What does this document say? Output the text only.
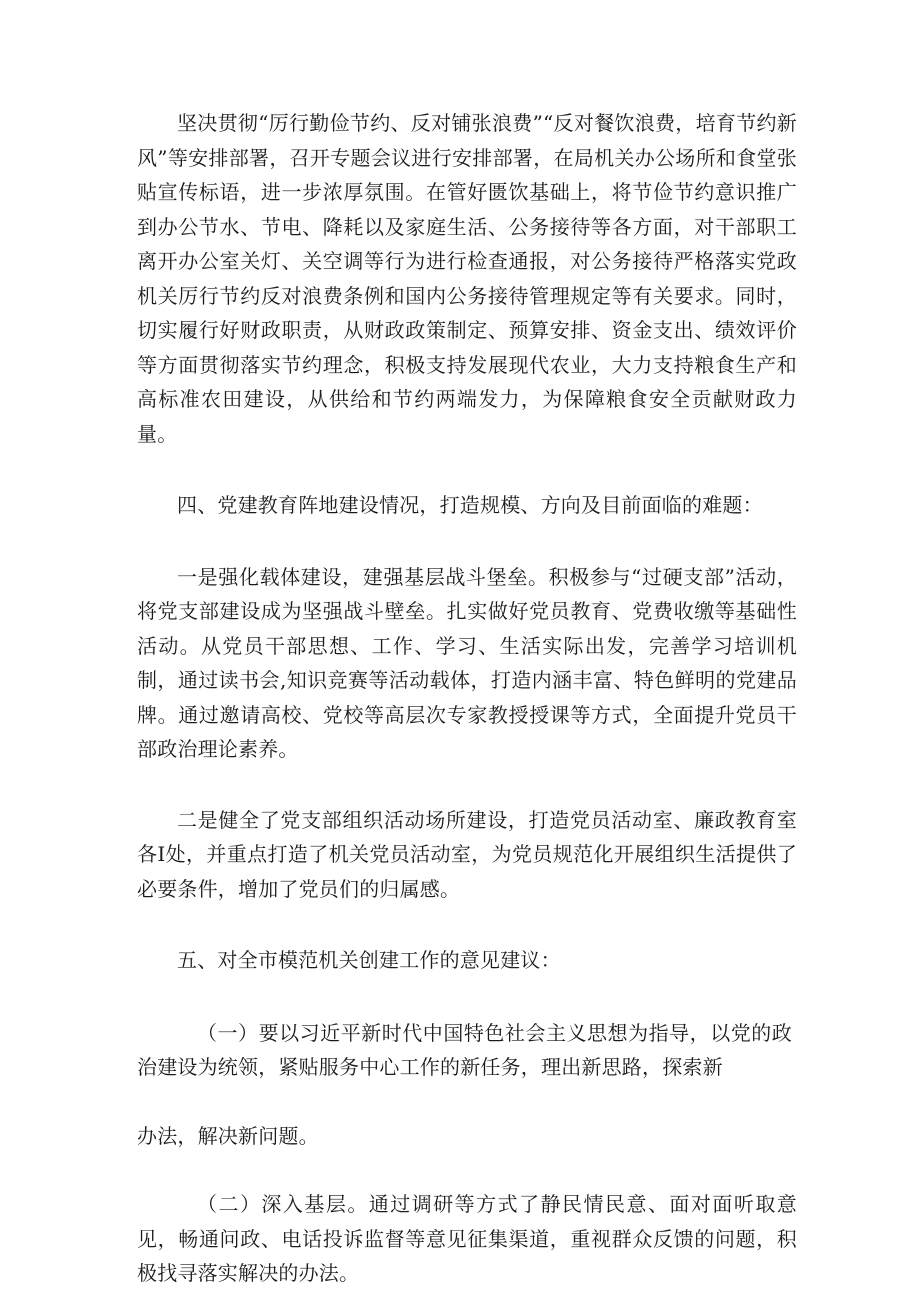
坚决贯彻“厉行勤俭节约、反对铺张浪费”“反对餐饮浪费，培育节约新风”等安排部署，召开专题会议进行安排部署，在局机关办公场所和食堂张贴宣传标语，进一步浓厚氛围。在管好匮饮基础上，将节俭节约意识推广到办公节水、节电、降耗以及家庭生活、公务接待等各方面，对干部职工离开办公室关灯、关空调等行为进行检查通报，对公务接待严格落实党政机关厉行节约反对浪费条例和国内公务接待管理规定等有关要求。同时，切实履行好财政职责，从财政政策制定、预算安排、资金支出、绩效评价等方面贯彻落实节约理念，积极支持发展现代农业，大力支持粮食生产和高标准农田建设，从供给和节约两端发力，为保障粮食安全贡献财政力量。

四、党建教育阵地建设情况，打造规模、方向及目前面临的难题：

一是强化载体建设，建强基层战斗堡垒。积极参与“过硬支部”活动，将党支部建设成为坚强战斗壁垒。扎实做好党员教育、党费收缴等基础性活动。从党员干部思想、工作、学习、生活实际出发，完善学习培训机制，通过读书会,知识竞赛等活动载体，打造内涵丰富、特色鲜明的党建品牌。通过邀请高校、党校等高层次专家教授授课等方式，全面提升党员干部政治理论素养。

二是健全了党支部组织活动场所建设，打造党员活动室、廉政教育室各I处，并重点打造了机关党员活动室，为党员规范化开展组织生活提供了必要条件，增加了党员们的归属感。

五、对全市模范机关创建工作的意见建议：

（一）要以习近平新时代中国特色社会主义思想为指导，以党的政治建设为统领，紧贴服务中心工作的新任务，理出新思路，探索新

办法，解决新问题。

（二）深入基层。通过调研等方式了静民情民意、面对面听取意见，畅通问政、电话投诉监督等意见征集渠道，重视群众反馈的问题，积极找寻落实解决的办法。
